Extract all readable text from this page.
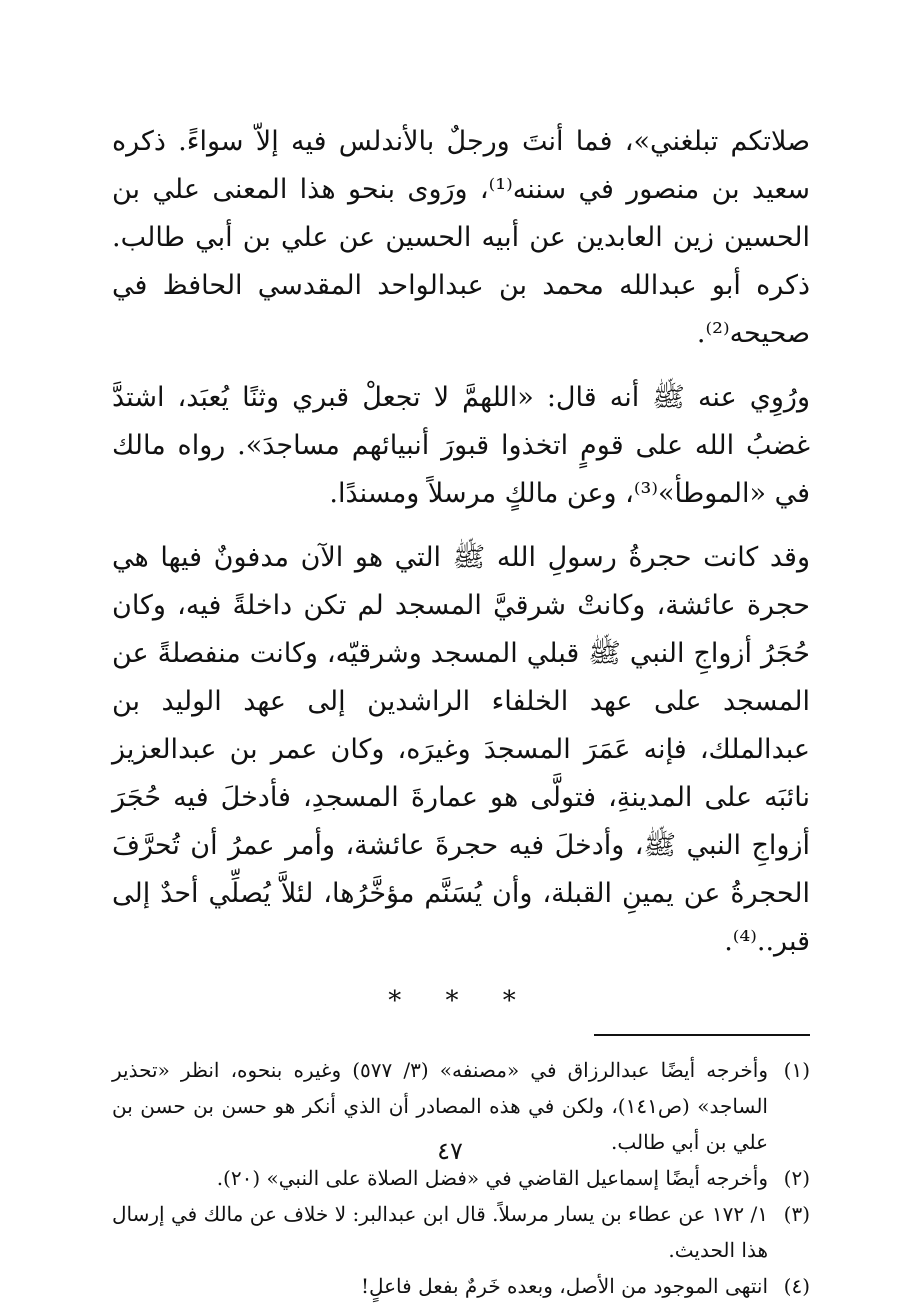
صلاتكم تبلغني»، فما أنتَ ورجلٌ بالأندلس فيه إلاّ سواءً. ذكره سعيد بن منصور في سننه⁽¹⁾، ورَوى بنحو هذا المعنى علي بن الحسين زين العابدين عن أبيه الحسين عن علي بن أبي طالب. ذكره أبو عبدالله محمد بن عبدالواحد المقدسي الحافظ في صحيحه⁽²⁾.

ورُوِي عنه ﷺ أنه قال: «اللهمَّ لا تجعلْ قبري وثنًا يُعبَد، اشتدَّ غضبُ الله على قومٍ اتخذوا قبورَ أنبيائهم مساجدَ». رواه مالك في «الموطأ»⁽³⁾، وعن مالكٍ مرسلاً ومسندًا.

وقد كانت حجرةُ رسولِ الله ﷺ التي هو الآن مدفونٌ فيها هي حجرة عائشة، وكانتْ شرقيَّ المسجد لم تكن داخلةً فيه، وكان حُجَرُ أزواجِ النبي ﷺ قبلي المسجد وشرقيّه، وكانت منفصلةً عن المسجد على عهد الخلفاء الراشدين إلى عهد الوليد بن عبدالملك، فإنه عَمَرَ المسجدَ وغيرَه، وكان عمر بن عبدالعزيز نائبَه على المدينةِ، فتولَّى هو عمارةَ المسجدِ، فأدخلَ فيه حُجَرَ أزواجِ النبي ﷺ، وأدخلَ فيه حجرةَ عائشة، وأمر عمرُ أن تُحرَّفَ الحجرةُ عن يمينِ القبلة، وأن يُسَنَّم مؤخَّرُها، لئلاَّ يُصلِّي أحدٌ إلى قبر..⁽⁴⁾.

* * *
(١)
وأخرجه أيضًا عبدالرزاق في «مصنفه» (٣/ ٥٧٧) وغيره بنحوه، انظر «تحذير الساجد» (ص١٤١)، ولكن في هذه المصادر أن الذي أنكر هو حسن بن حسن بن علي بن أبي طالب.
(٢)
وأخرجه أيضًا إسماعيل القاضي في «فضل الصلاة على النبي» (٢٠).
(٣)
١/ ١٧٢ عن عطاء بن يسار مرسلاً. قال ابن عبدالبر: لا خلاف عن مالك في إرسال هذا الحديث.
(٤)
انتهى الموجود من الأصل، وبعده خَرمٌ بفعل فاعلٍ!
٤٧
